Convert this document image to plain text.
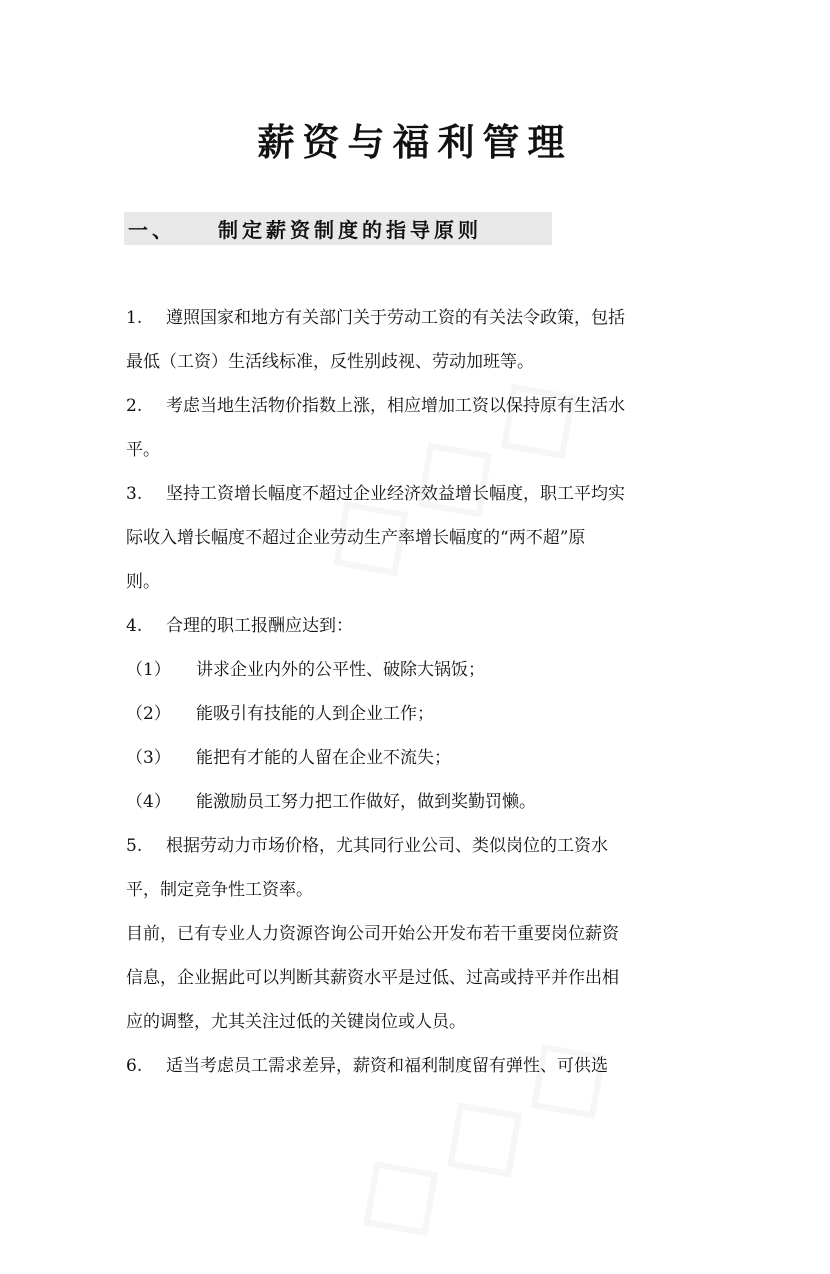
薪资与福利管理
一、	制定薪资制度的指导原则

1. 遵照国家和地方有关部门关于劳动工资的有关法令政策，包括

最低（工资）生活线标准，反性别歧视、劳动加班等。

2. 考虑当地生活物价指数上涨，相应增加工资以保持原有生活水

平。

3. 坚持工资增长幅度不超过企业经济效益增长幅度，职工平均实

际收入增长幅度不超过企业劳动生产率增长幅度的“两不超”原

则。

4. 合理的职工报酬应达到：

（1） 讲求企业内外的公平性、破除大锅饭；

（2） 能吸引有技能的人到企业工作；

（3） 能把有才能的人留在企业不流失；

（4） 能激励员工努力把工作做好，做到奖勤罚懒。

5. 根据劳动力市场价格，尤其同行业公司、类似岗位的工资水

平，制定竞争性工资率。

目前，已有专业人力资源咨询公司开始公开发布若干重要岗位薪资

信息，企业据此可以判断其薪资水平是过低、过高或持平并作出相

应的调整，尤其关注过低的关键岗位或人员。

6. 适当考虑员工需求差异，薪资和福利制度留有弹性、可供选
